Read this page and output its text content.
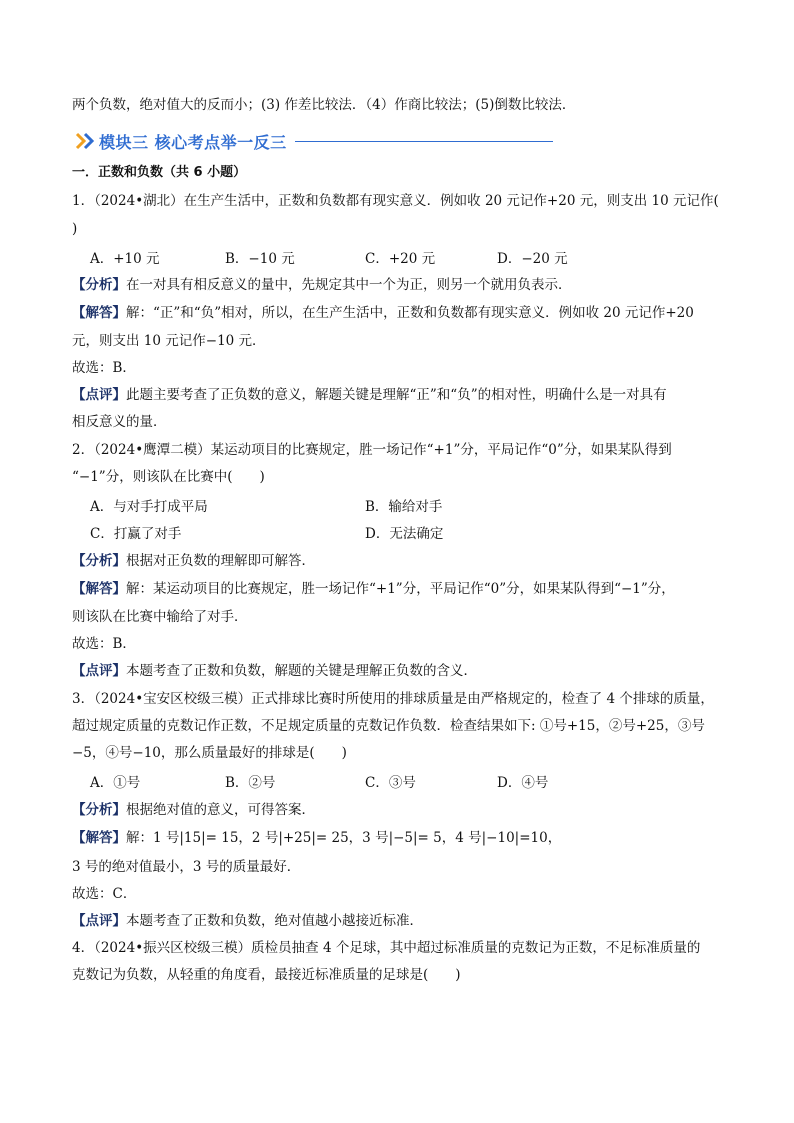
两个负数，绝对值大的反而小；(3) 作差比较法．（4）作商比较法；(5)倒数比较法．
模块三 核心考点举一反三
一．正数和负数（共 6 小题）
1．（2024•湖北）在生产生活中，正数和负数都有现实意义．例如收 20 元记作+20 元，则支出 10 元记作(
)
A．+10 元	B．−10 元	C．+20 元	D．−20 元
【分析】在一对具有相反意义的量中，先规定其中一个为正，则另一个就用负表示．
【解答】解：“正”和“负”相对，所以，在生产生活中，正数和负数都有现实意义．例如收 20 元记作+20
元，则支出 10 元记作−10 元．
故选：B．
【点评】此题主要考查了正负数的意义，解题关键是理解“正”和“负”的相对性，明确什么是一对具有
相反意义的量．
2．（2024•鹰潭二模）某运动项目的比赛规定，胜一场记作“+1”分，平局记作“0”分，如果某队得到
“−1”分，则该队在比赛中(　　)
A．与对手打成平局	B．输给对手
C．打赢了对手	D．无法确定
【分析】根据对正负数的理解即可解答．
【解答】解：某运动项目的比赛规定，胜一场记作“+1”分，平局记作“0”分，如果某队得到“−1”分，
则该队在比赛中输给了对手．
故选：B．
【点评】本题考查了正数和负数，解题的关键是理解正负数的含义．
3．（2024•宝安区校级三模）正式排球比赛时所使用的排球质量是由严格规定的，检查了 4 个排球的质量，
超过规定质量的克数记作正数，不足规定质量的克数记作负数．检查结果如下: ①号+15，②号+25，③号
−5，④号−10，那么质量最好的排球是(　　)
A．①号	B．②号	C．③号	D．④号
【分析】根据绝对值的意义，可得答案．
【解答】解：1 号|15|= 15，2 号|+25|= 25，3 号|−5|= 5，4 号|−10|=10，
3 号的绝对值最小，3 号的质量最好．
故选：C．
【点评】本题考查了正数和负数，绝对值越小越接近标准．
4．（2024•振兴区校级三模）质检员抽查 4 个足球，其中超过标准质量的克数记为正数，不足标准质量的
克数记为负数，从轻重的角度看，最接近标准质量的足球是(　　)
